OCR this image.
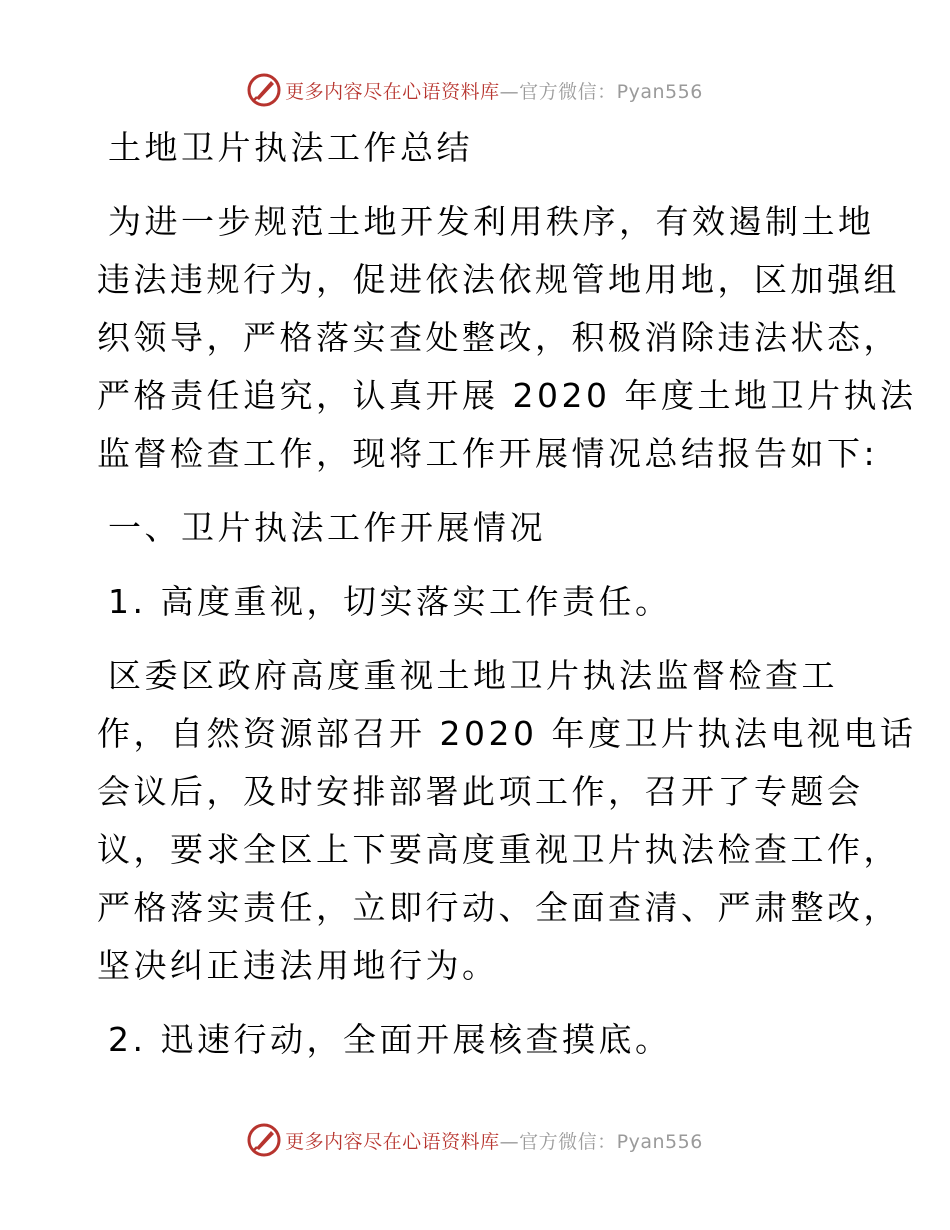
更多内容尽在心语资料库—官方微信：Pyan556
土地卫片执法工作总结
为进一步规范土地开发利用秩序，有效遏制土地
违法违规行为，促进依法依规管地用地，区加强组
织领导，严格落实查处整改，积极消除违法状态，
严格责任追究，认真开展 2020 年度土地卫片执法
监督检查工作，现将工作开展情况总结报告如下:
一、卫片执法工作开展情况
1. 高度重视，切实落实工作责任。
区委区政府高度重视土地卫片执法监督检查工
作，自然资源部召开 2020 年度卫片执法电视电话
会议后，及时安排部署此项工作，召开了专题会
议，要求全区上下要高度重视卫片执法检查工作，
严格落实责任，立即行动、全面查清、严肃整改，
坚决纠正违法用地行为。
2. 迅速行动，全面开展核查摸底。
更多内容尽在心语资料库—官方微信：Pyan556
